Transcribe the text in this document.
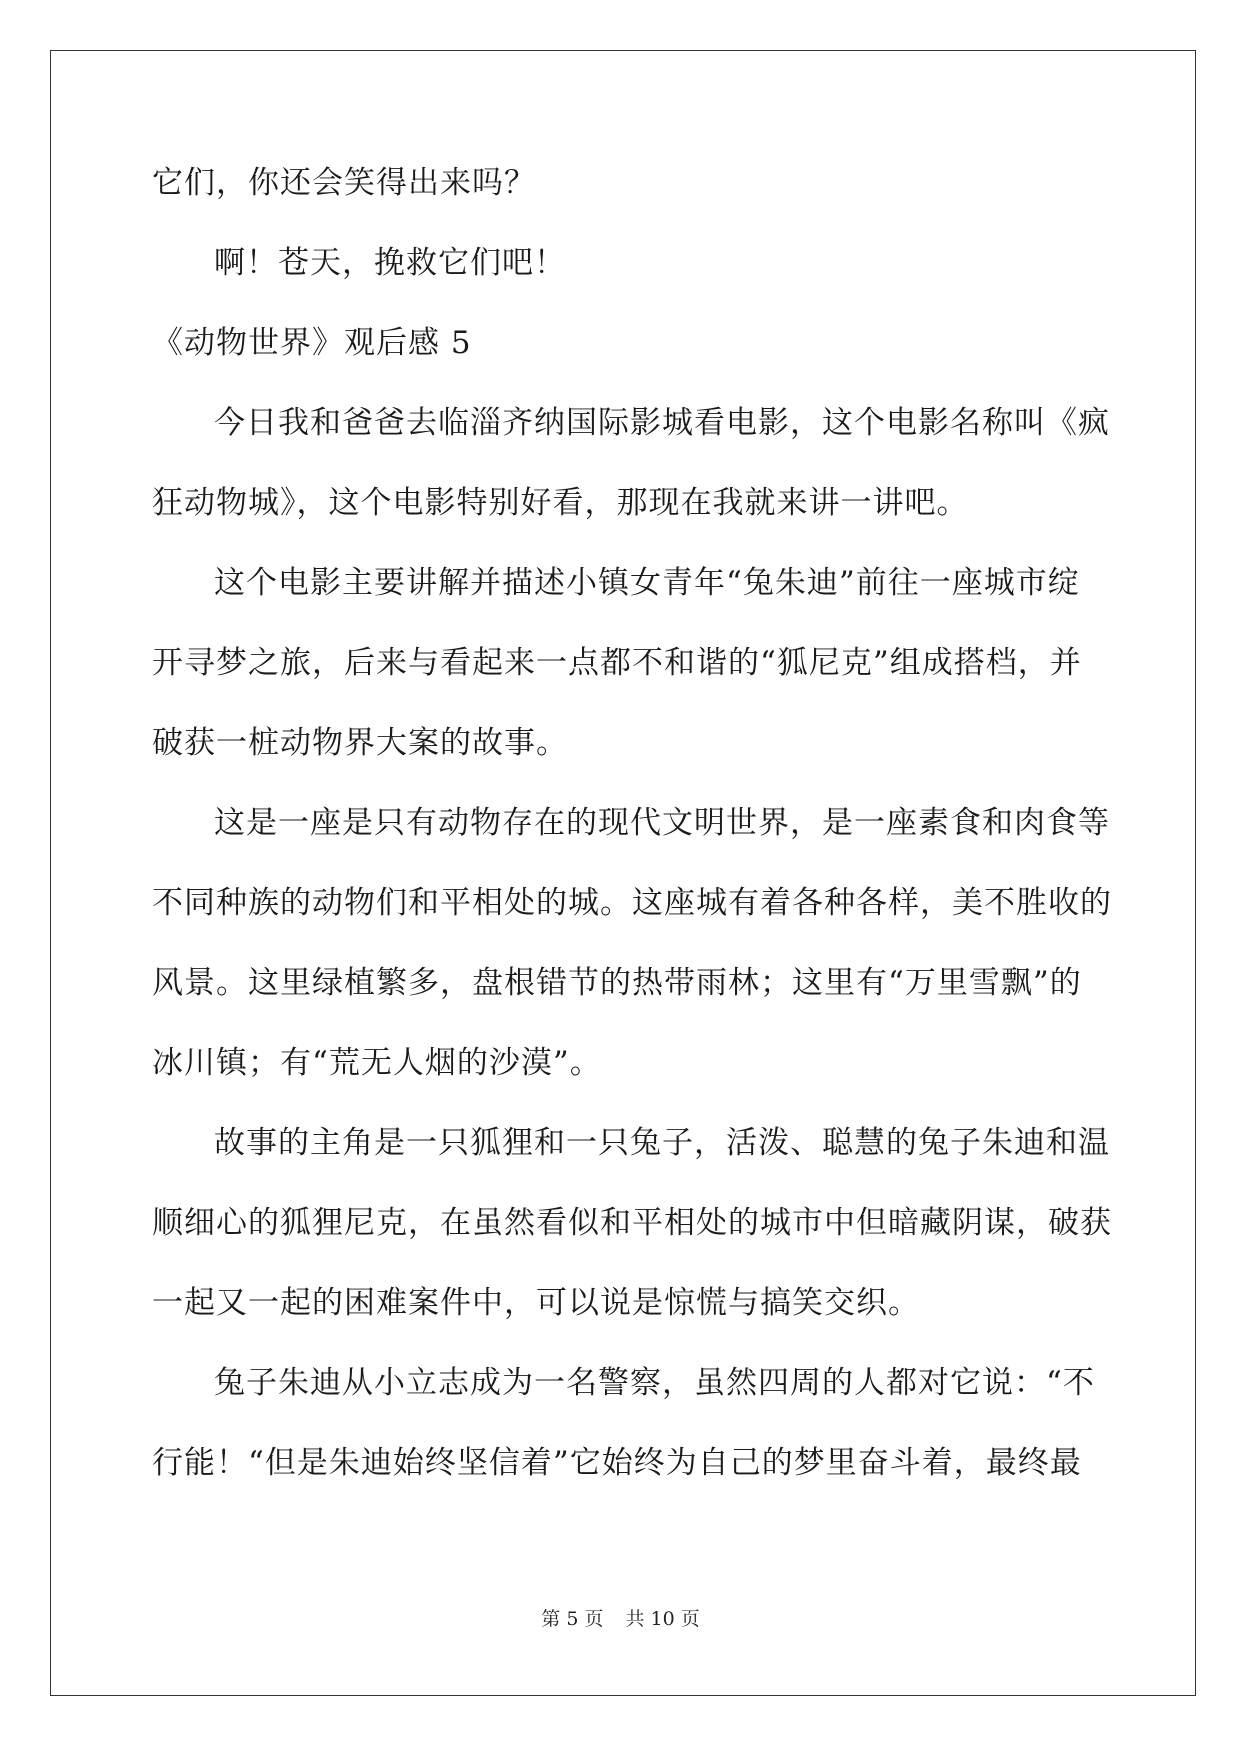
它们，你还会笑得出来吗？
啊！苍天，挽救它们吧！
《动物世界》观后感 5
今日我和爸爸去临淄齐纳国际影城看电影，这个电影名称叫《疯
狂动物城》，这个电影特别好看，那现在我就来讲一讲吧。
这个电影主要讲解并描述小镇女青年“兔朱迪”前往一座城市绽
开寻梦之旅，后来与看起来一点都不和谐的“狐尼克”组成搭档，并
破获一桩动物界大案的故事。
这是一座是只有动物存在的现代文明世界，是一座素食和肉食等
不同种族的动物们和平相处的城。这座城有着各种各样，美不胜收的
风景。这里绿植繁多，盘根错节的热带雨林；这里有“万里雪飘”的
冰川镇；有“荒无人烟的沙漠”。
故事的主角是一只狐狸和一只兔子，活泼、聪慧的兔子朱迪和温
顺细心的狐狸尼克，在虽然看似和平相处的城市中但暗藏阴谋，破获
一起又一起的困难案件中，可以说是惊慌与搞笑交织。
兔子朱迪从小立志成为一名警察，虽然四周的人都对它说：“不
行能！“但是朱迪始终坚信着”它始终为自己的梦里奋斗着，最终最
第 5 页 共 10 页
